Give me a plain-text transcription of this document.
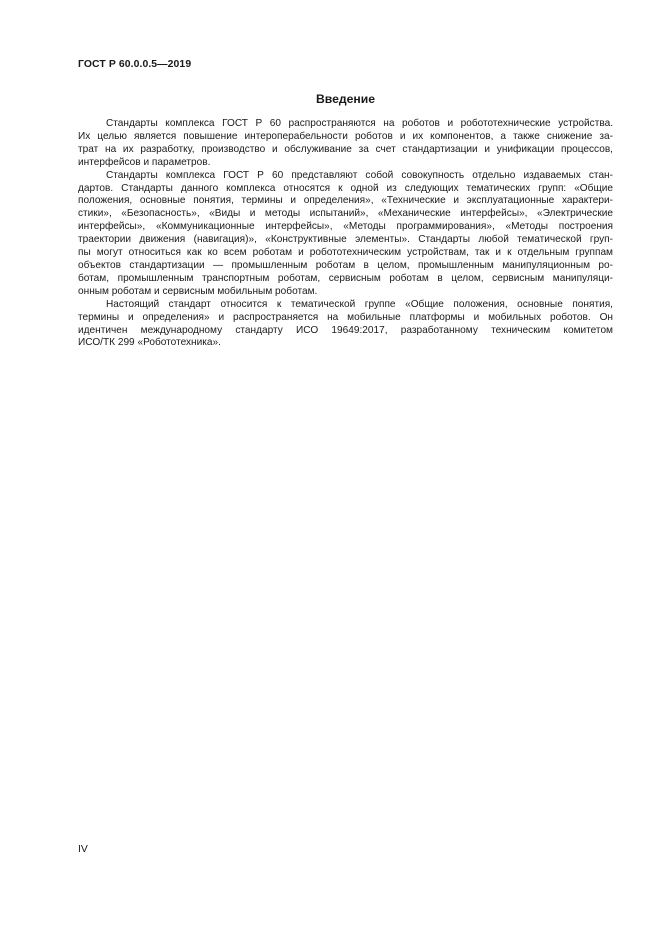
ГОСТ Р 60.0.0.5—2019
Введение
Стандарты комплекса ГОСТ Р 60 распространяются на роботов и робототехнические устройства.
Их целью является повышение интероперабельности роботов и их компонентов, а также снижение за-
трат на их разработку, производство и обслуживание за счет стандартизации и унификации процессов,
интерфейсов и параметров.
Стандарты комплекса ГОСТ Р 60 представляют собой совокупность отдельно издаваемых стан-
дартов. Стандарты данного комплекса относятся к одной из следующих тематических групп: «Общие
положения, основные понятия, термины и определения», «Технические и эксплуатационные характери-
стики», «Безопасность», «Виды и методы испытаний», «Механические интерфейсы», «Электрические
интерфейсы», «Коммуникационные интерфейсы», «Методы программирования», «Методы построения
траектории движения (навигация)», «Конструктивные элементы». Стандарты любой тематической груп-
пы могут относиться как ко всем роботам и робототехническим устройствам, так и к отдельным группам
объектов стандартизации — промышленным роботам в целом, промышленным манипуляционным ро-
ботам, промышленным транспортным роботам, сервисным роботам в целом, сервисным манипуляци-
онным роботам и сервисным мобильным роботам.
Настоящий стандарт относится к тематической группе «Общие положения, основные понятия,
термины и определения» и распространяется на мобильные платформы и мобильных роботов. Он
идентичен международному стандарту ИСО 19649:2017, разработанному техническим комитетом
ИСО/ТК 299 «Робототехника».
IV
